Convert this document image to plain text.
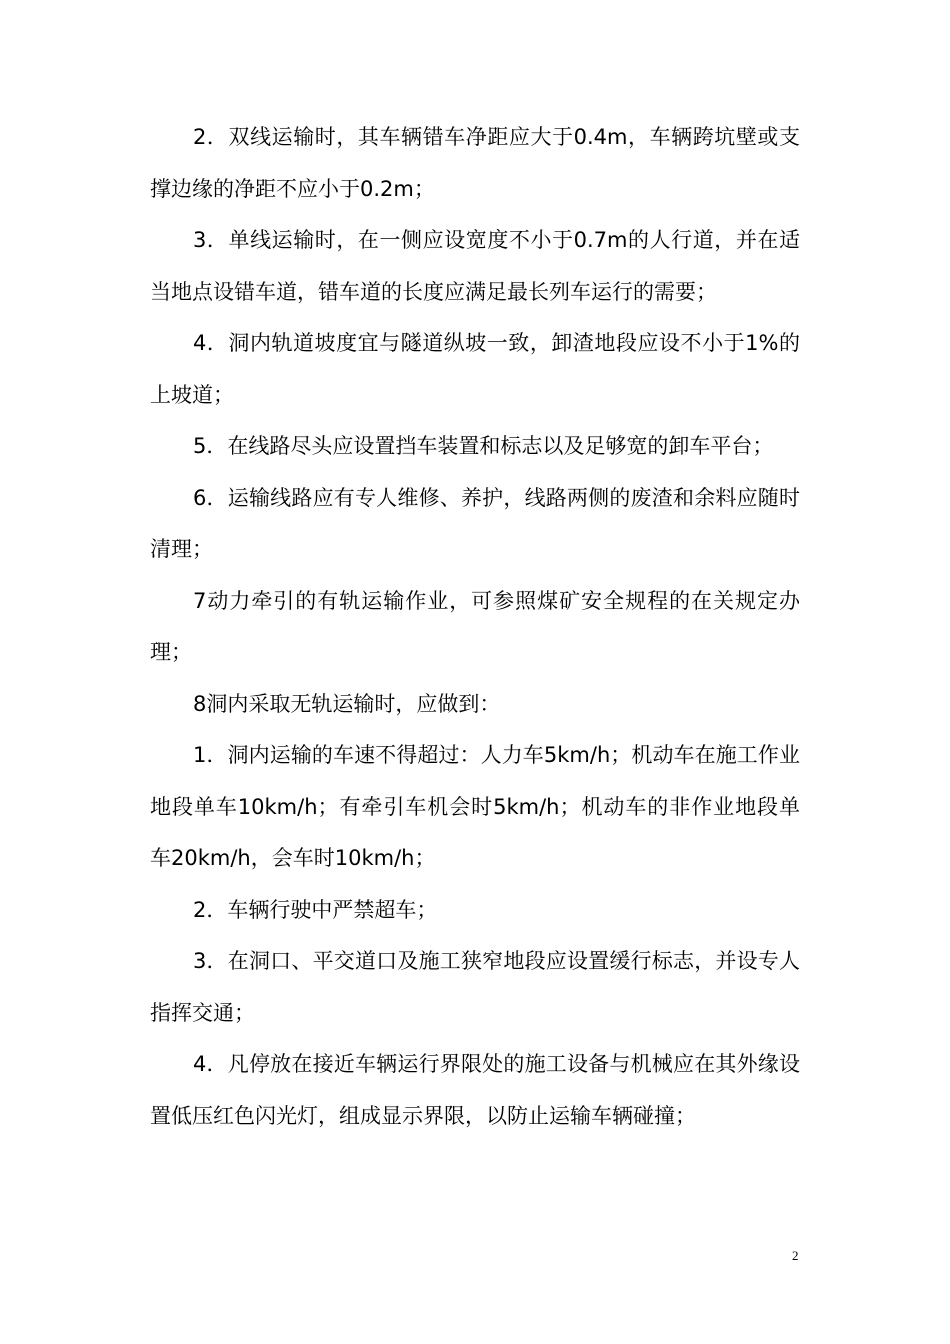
2．双线运输时，其车辆错车净距应大于0.4m，车辆跨坑壁或支撑边缘的净距不应小于0.2m；

3．单线运输时，在一侧应设宽度不小于0.7m的人行道，并在适当地点设错车道，错车道的长度应满足最长列车运行的需要；

4．洞内轨道坡度宜与隧道纵坡一致，卸渣地段应设不小于1%的上坡道；

5．在线路尽头应设置挡车装置和标志以及足够宽的卸车平台；

6．运输线路应有专人维修、养护，线路两侧的废渣和余料应随时清理；

7动力牵引的有轨运输作业，可参照煤矿安全规程的在关规定办理；

8洞内采取无轨运输时，应做到：

1．洞内运输的车速不得超过：人力车5km/h；机动车在施工作业地段单车10km/h；有牵引车机会时5km/h；机动车的非作业地段单车20km/h，会车时10km/h；

2．车辆行驶中严禁超车；

3．在洞口、平交道口及施工狭窄地段应设置缓行标志，并设专人指挥交通；

4．凡停放在接近车辆运行界限处的施工设备与机械应在其外缘设置低压红色闪光灯，组成显示界限，以防止运输车辆碰撞；

2
